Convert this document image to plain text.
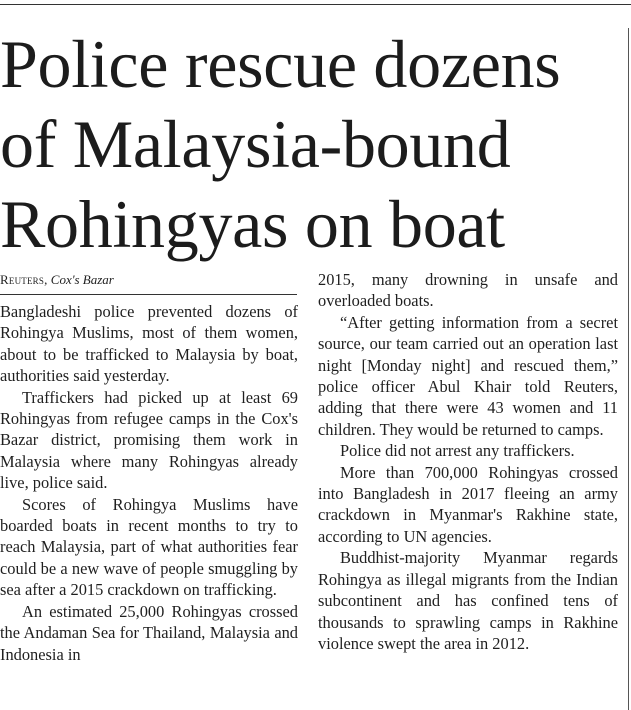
Police rescue dozens
of Malaysia-bound
Rohingyas on boat
Reuters, Cox's Bazar

Bangladeshi police prevented dozens of Rohingya Muslims, most of them women, about to be trafficked to Malaysia by boat, authorities said yesterday.

Traffickers had picked up at least 69 Rohingyas from refugee camps in the Cox's Bazar district, promising them work in Malaysia where many Rohingyas already live, police said.

Scores of Rohingya Muslims have boarded boats in recent months to try to reach Malaysia, part of what authorities fear could be a new wave of people smuggling by sea after a 2015 crackdown on trafficking.

An estimated 25,000 Rohingyas crossed the Andaman Sea for Thailand, Malaysia and Indonesia in

2015, many drowning in unsafe and overloaded boats.

“After getting information from a secret source, our team carried out an operation last night [Monday night] and rescued them,” police officer Abul Khair told Reuters, adding that there were 43 women and 11 children. They would be returned to camps.

Police did not arrest any traffickers.

More than 700,000 Rohingyas crossed into Bangladesh in 2017 fleeing an army crackdown in Myanmar's Rakhine state, according to UN agencies.

Buddhist-majority Myanmar regards Rohingya as illegal migrants from the Indian subcontinent and has confined tens of thousands to sprawling camps in Rakhine violence swept the area in 2012.
